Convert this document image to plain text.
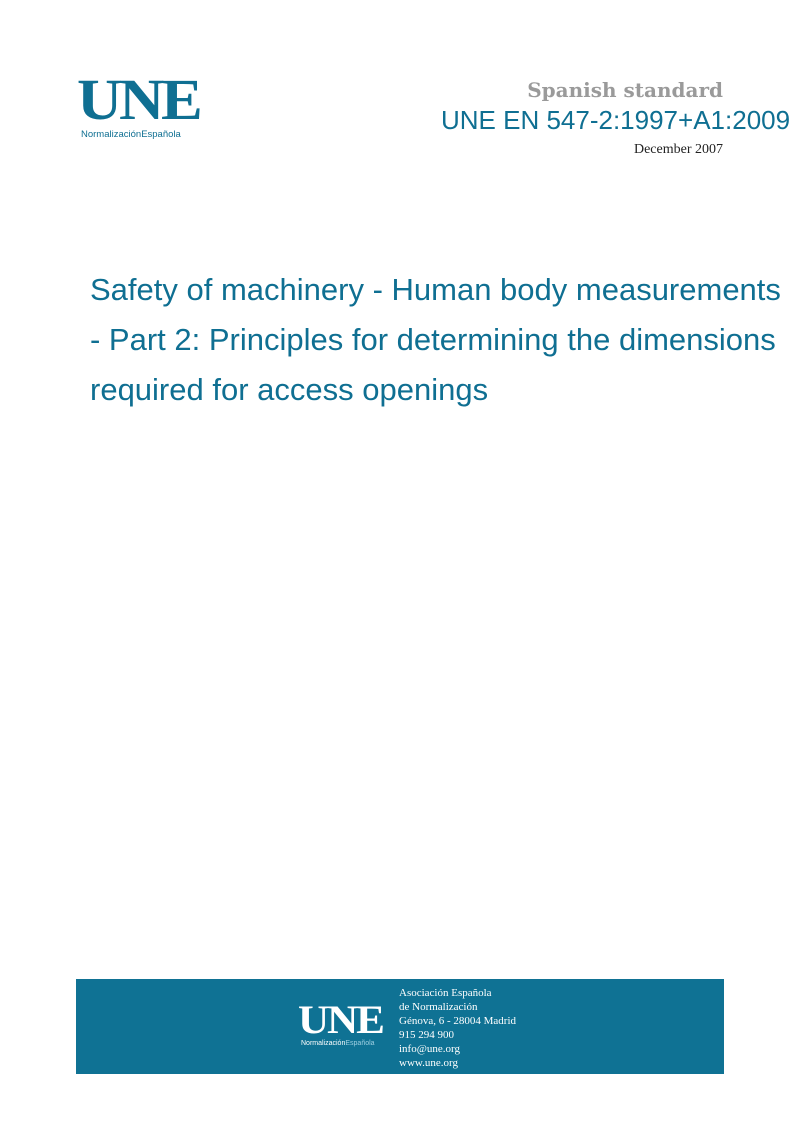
UNE
NormalizaciónEspañola
Spanish standard
UNE EN 547-2:1997+A1:2009
December 2007
Safety of machinery - Human body measurements
- Part 2: Principles for determining the dimensions
required for access openings
UNE
NormalizaciónEspañola
Asociación Española
de Normalización
Génova, 6 - 28004 Madrid
915 294 900
info@une.org
www.une.org
